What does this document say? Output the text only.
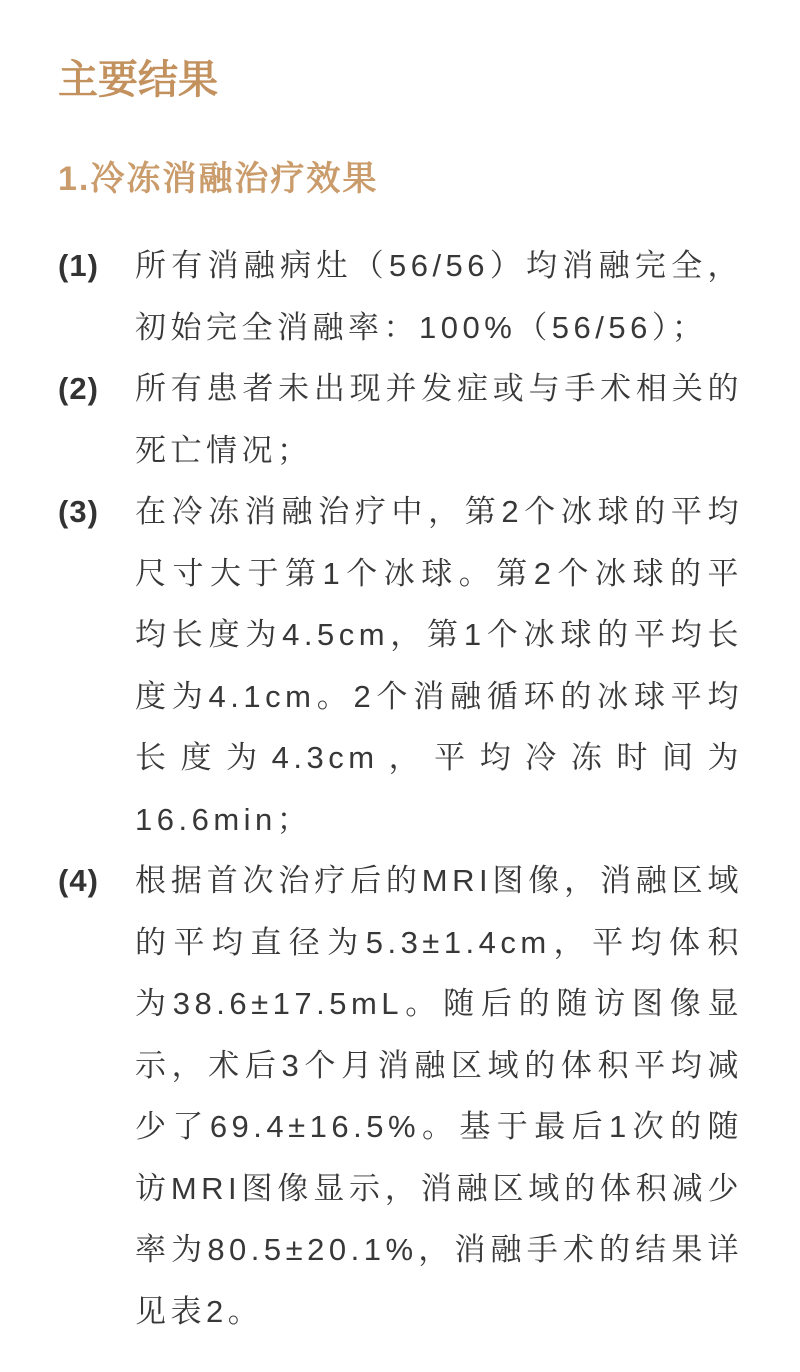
主要结果
1.冷冻消融治疗效果
(1) 所有消融病灶（56/56）均消融完全，初始完全消融率：100%（56/56）；
(2) 所有患者未出现并发症或与手术相关的死亡情况；
(3) 在冷冻消融治疗中，第2个冰球的平均尺寸大于第1个冰球。第2个冰球的平均长度为4.5cm，第1个冰球的平均长度为4.1cm。2个消融循环的冰球平均长度为4.3cm，平均冷冻时间为16.6min；
(4) 根据首次治疗后的MRI图像，消融区域的平均直径为5.3±1.4cm，平均体积为38.6±17.5mL。随后的随访图像显示，术后3个月消融区域的体积平均减少了69.4±16.5%。基于最后1次的随访MRI图像显示，消融区域的体积减少率为80.5±20.1%，消融手术的结果详见表2。
